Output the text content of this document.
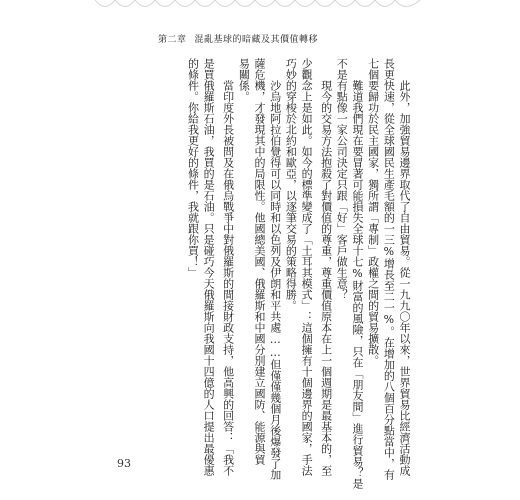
第二章 混亂基球的暗藏及其價值轉移
　　此外，加強貿易邊界取代了自由貿易。從一九九〇年以來，世界貿易比經濟活動成
長更快速，從全球國民生產毛額的一三%增長至二一%。在增加的八個百分點當中，有
七個要歸功於民主國家，獨所謂「專制」政權之間的貿易擴散。
　　難道我們現在要冒著可能損失全球十七%財富的風險，只在「朋友間」進行貿易？是
不是有點像一家公司決定只跟「好」客戶做生意？
　　現今的交易方法抱殺了對價值的尊重，尊重價值原本在上一個週期是最基本的，至
少觀念上是如此。如今的標準變成了「土耳其模式」：這個擁有十個邊界的國家，手法
巧妙的穿梭於北約和歐亞，以逐筆交易的策略得勝。
　　沙烏地阿拉伯覺得可以同時和以色列及伊朗和平共處……但僅僅幾個月後爆發了加
薩危機，才發現其中的局限性。他國總美國、俄羅斯和中國分別建立國防、能源與貿
易關係。
　　當印度外長被問及在俄烏戰爭中對俄羅斯的間接財政支持，他高興的回答：「我不
是買俄羅斯石油，我買的是石油。只是碰巧今天俄羅斯向我國十四億的人口提出最優惠
的條件。你給我更好的條件，我就跟你買！」
93
